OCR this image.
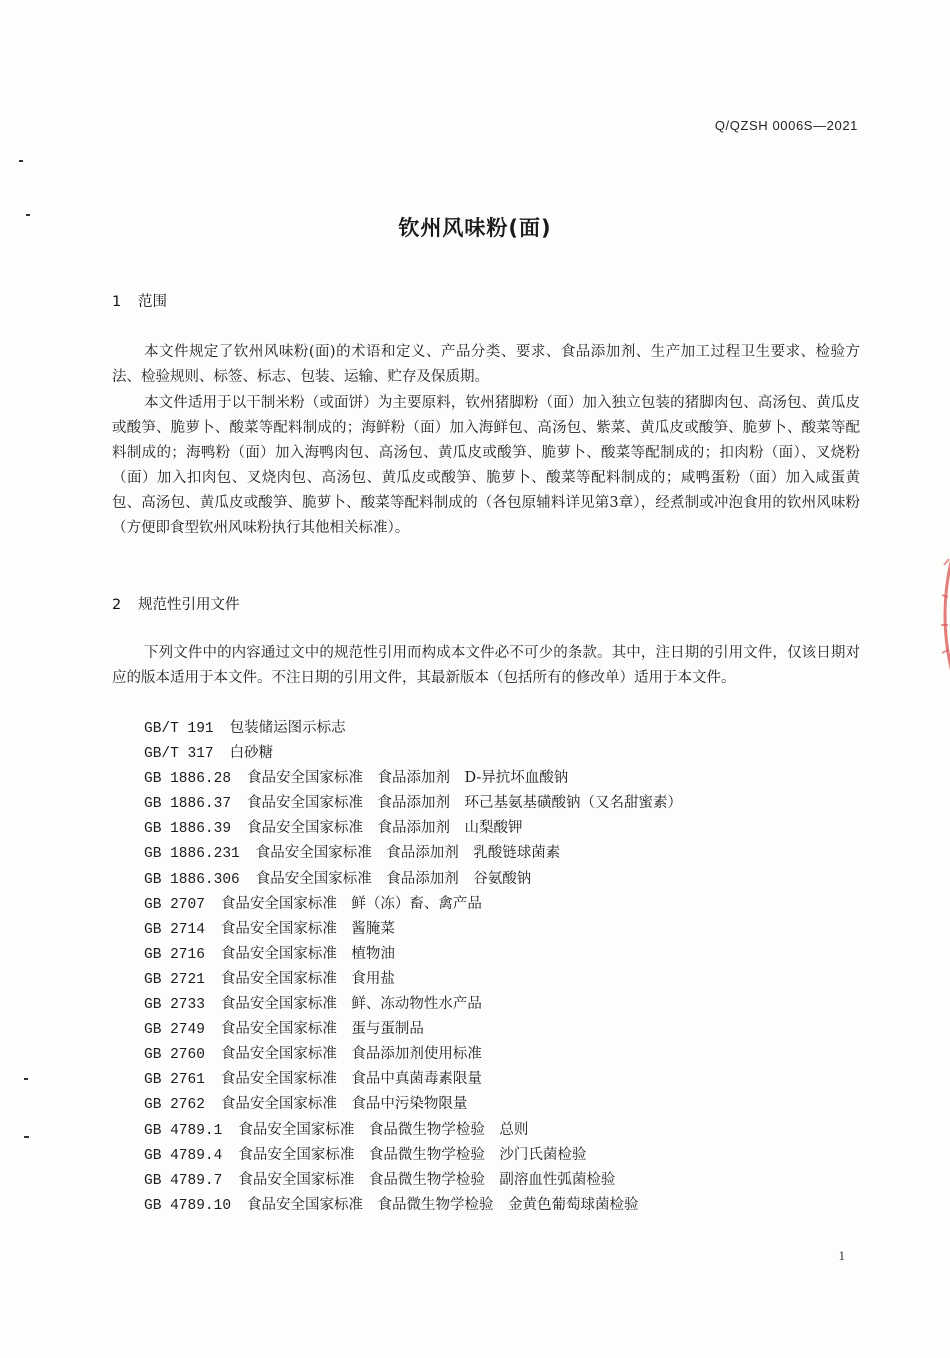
Q/QZSH 0006S—2021
钦州风味粉(面)
1 范围

本文件规定了钦州风味粉(面)的术语和定义、产品分类、要求、食品添加剂、生产加工过程卫生要求、检验方法、检验规则、标签、标志、包装、运输、贮存及保质期。

本文件适用于以干制米粉（或面饼）为主要原料，钦州猪脚粉（面）加入独立包装的猪脚肉包、高汤包、黄瓜皮或酸笋、脆萝卜、酸菜等配料制成的；海鲜粉（面）加入海鲜包、高汤包、紫菜、黄瓜皮或酸笋、脆萝卜、酸菜等配料制成的；海鸭粉（面）加入海鸭肉包、高汤包、黄瓜皮或酸笋、脆萝卜、酸菜等配制成的；扣肉粉（面）、叉烧粉（面）加入扣肉包、叉烧肉包、高汤包、黄瓜皮或酸笋、脆萝卜、酸菜等配料制成的；咸鸭蛋粉（面）加入咸蛋黄包、高汤包、黄瓜皮或酸笋、脆萝卜、酸菜等配料制成的（各包原辅料详见第3章），经煮制或冲泡食用的钦州风味粉（方便即食型钦州风味粉执行其他相关标准）。

2 规范性引用文件

下列文件中的内容通过文中的规范性引用而构成本文件必不可少的条款。其中，注日期的引用文件，仅该日期对应的版本适用于本文件。不注日期的引用文件，其最新版本（包括所有的修改单）适用于本文件。

GB/T 191 包装储运图示标志
GB/T 317 白砂糖
GB 1886.28 食品安全国家标准　食品添加剂　D-异抗坏血酸钠
GB 1886.37 食品安全国家标准　食品添加剂　环己基氨基磺酸钠（又名甜蜜素）
GB 1886.39 食品安全国家标准　食品添加剂　山梨酸钾
GB 1886.231 食品安全国家标准　食品添加剂　乳酸链球菌素
GB 1886.306 食品安全国家标准　食品添加剂　谷氨酸钠
GB 2707 食品安全国家标准　鲜（冻）畜、禽产品
GB 2714 食品安全国家标准　酱腌菜
GB 2716 食品安全国家标准　植物油
GB 2721 食品安全国家标准　食用盐
GB 2733 食品安全国家标准　鲜、冻动物性水产品
GB 2749 食品安全国家标准　蛋与蛋制品
GB 2760 食品安全国家标准　食品添加剂使用标准
GB 2761 食品安全国家标准　食品中真菌毒素限量
GB 2762 食品安全国家标准　食品中污染物限量
GB 4789.1 食品安全国家标准　食品微生物学检验　总则
GB 4789.4 食品安全国家标准　食品微生物学检验　沙门氏菌检验
GB 4789.7 食品安全国家标准　食品微生物学检验　副溶血性弧菌检验
GB 4789.10 食品安全国家标准　食品微生物学检验　金黄色葡萄球菌检验
1
